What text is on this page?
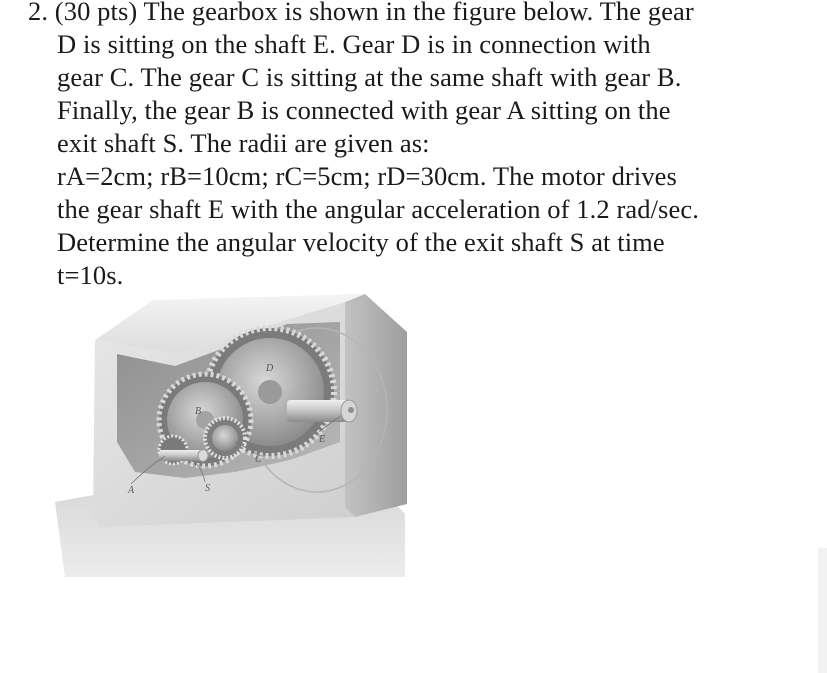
2. (30 pts) The gearbox is shown in the figure below. The gear
D is sitting on the shaft E. Gear D is in connection with
gear C. The gear C is sitting at the same shaft with gear B.
Finally, the gear B is connected with gear A sitting on the
exit shaft S. The radii are given as:
rA=2cm; rB=10cm; rC=5cm; rD=30cm. The motor drives
the gear shaft E with the angular acceleration of 1.2 rad/sec.
Determine the angular velocity of the exit shaft S at time
t=10s.
D
B
C
E
A	S
